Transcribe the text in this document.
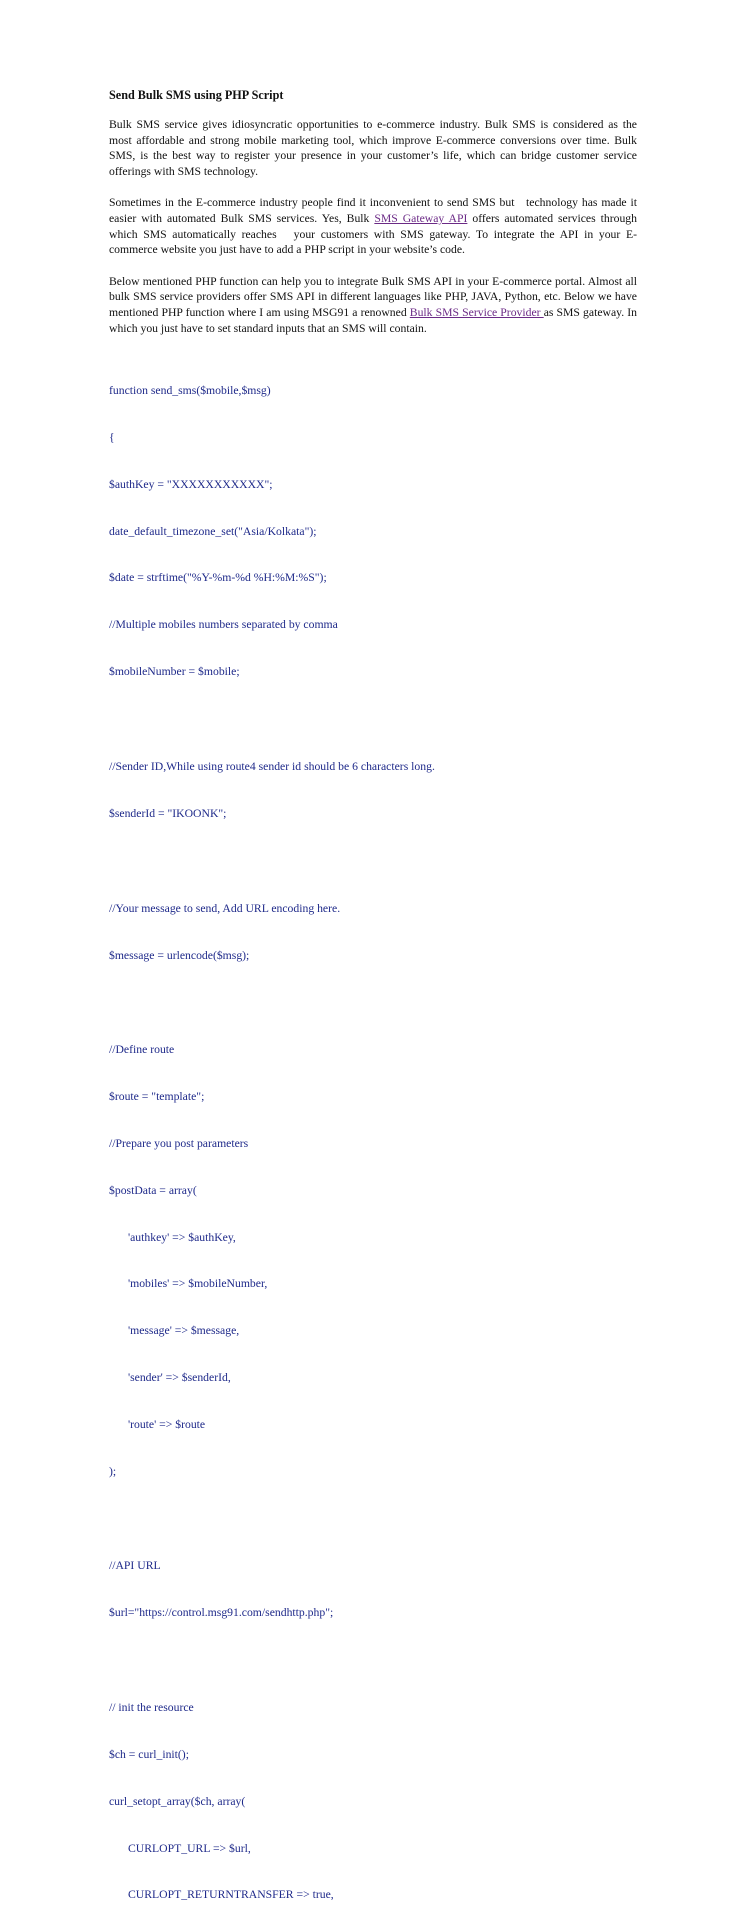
Send Bulk SMS using PHP Script

Bulk SMS service gives idiosyncratic opportunities to e-commerce industry. Bulk SMS is considered as the most affordable and strong mobile marketing tool, which improve E-commerce conversions over time. Bulk SMS, is the best way to register your presence in your customer’s life, which can bridge customer service offerings with SMS technology.

Sometimes in the E-commerce industry people find it inconvenient to send SMS but   technology has made it easier with automated Bulk SMS services. Yes, Bulk SMS Gateway API offers automated services through which SMS automatically reaches   your customers with SMS gateway. To integrate the API in your E-commerce website you just have to add a PHP script in your website’s code.

Below mentioned PHP function can help you to integrate Bulk SMS API in your E-commerce portal. Almost all bulk SMS service providers offer SMS API in different languages like PHP, JAVA, Python, etc. Below we have mentioned PHP function where I am using MSG91 a renowned Bulk SMS Service Provider as SMS gateway. In which you just have to set standard inputs that an SMS will contain.

function send_sms($mobile,$msg)

{

$authKey = "XXXXXXXXXXX";

date_default_timezone_set("Asia/Kolkata");

$date = strftime("%Y-%m-%d %H:%M:%S");

//Multiple mobiles numbers separated by comma

$mobileNumber = $mobile;

//Sender ID,While using route4 sender id should be 6 characters long.

$senderId = "IKOONK";

//Your message to send, Add URL encoding here.

$message = urlencode($msg);

//Define route

$route = "template";

//Prepare you post parameters

$postData = array(

'authkey' => $authKey,

'mobiles' => $mobileNumber,

'message' => $message,

'sender' => $senderId,

'route' => $route

);

//API URL

$url="https://control.msg91.com/sendhttp.php";

// init the resource

$ch = curl_init();

curl_setopt_array($ch, array(

CURLOPT_URL => $url,

CURLOPT_RETURNTRANSFER => true,
